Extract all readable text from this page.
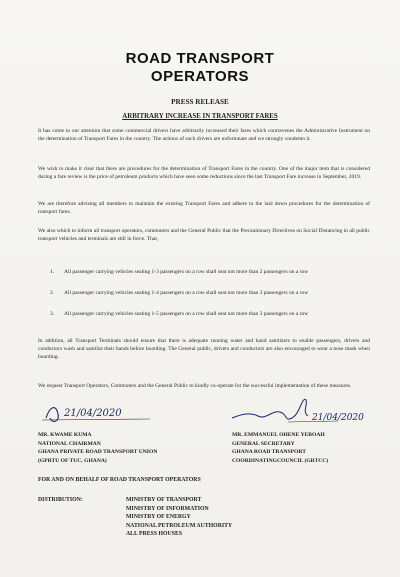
ROAD TRANSPORT
OPERATORS
PRESS RELEASE
ARBITRARY INCREASE IN TRANSPORT FARES
It has come to our attention that some commercial drivers have arbitrarily increased their fares which contravenes the Administrative Instrument on the determination of Transport Fares in the country. The actions of such drivers are unfortunate and we strongly condemn it.
We wish to make it clear that there are procedures for the determination of Transport Fares in the country. One of the major item that is considered during a fare review is the price of petroleum products which have seen some reductions since the last Transport Fare increase in September, 2019.
We are therefore advising all members to maintain the existing Transport Fares and adhere to the laid down procedures for the determination of transport fares.
We also which to inform all transport operators, commuters and the General Public that the Precautionary Directives on Social Distancing in all public transport vehicles and terminals are still in force. That,
1. All passenger carrying vehicles seating 1-3 passengers on a row shall seat not more than 2 passengers on a row
2. All passenger carrying vehicles seating 1-4 passengers on a row shall seat not more than 3 passengers on a row
3. All passenger carrying vehicles seating 1-5 passengers on a row shall seat not more than 3 passengers on a row
In addition, all Transport Terminals should ensure that there is adequate running water and hand sanitizers to enable passengers, drivers and conductors wash and sanitize their hands before boarding. The General public, drivers and conductors are also encouraged to wear a nose mask when boarding.
We request Transport Operators, Commuters and the General Public to kindly co-operate for the successful implementation of these measures.
21/04/2020	21/04/2020
MR. KWAME KUMA
NATIONAL CHAIRMAN
GHANA PRIVATE ROAD TRANSPORT UNION
(GPRTU OF TUC, GHANA)
MR. EMMANUEL OHENE YEBOAH
GENERAL SECRETARY
GHANA ROAD TRANSPORT
COORDINATINGCOUNCIL (GRTCC)
FOR AND ON BEHALF OF ROAD TRANSPORT OPERATORS
DISTRIBUTION:	MINISTRY OF TRANSPORT
MINISTRY OF INFORMATION
MINISTRY OF ENERGY
NATIONAL PETROLEUM AUTHORITY
ALL PRESS HOUSES
